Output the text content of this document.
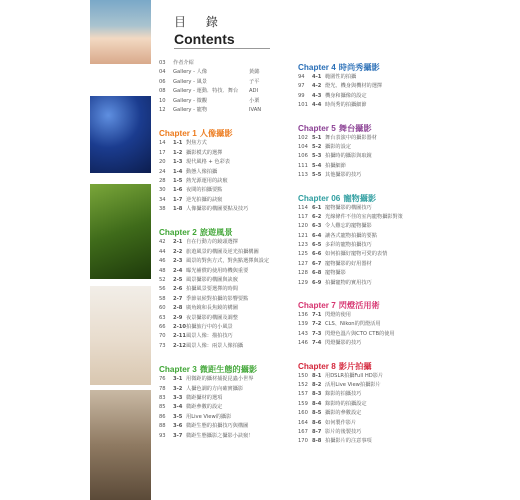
目 錄
Contents
03 作者介紹
04 Gallery - 人像	黃懿
06 Gallery - 風景	子平
08 Gallery - 運動．特技．舞台 ADI
10 Gallery - 微觀	小栗
12 Gallery - 寵物	IVAN
Chapter 1 人像攝影
14 1-1 對焦方式
17 1-2 攝影模式的選擇
20 1-3 現代風格 + 色彩表
24 1-4 動態人像拍攝
28 1-5 熱光源運用的訣竅
30 1-6 夜間的拍攝要點
34 1-7 逆光拍攝的訣竅
38 1-8 人像攝影的構圖要點及技巧
Chapter 2 旅遊風景
42 2-1 自在行動力的鏡頭選擇
44 2-2 旅遊風景的構圖及逆光拍攝構圖
46 2-3 風景的對焦方式，對焦點選擇與設定
48 2-4 曝光補償的使用時機與重要
52 2-5 風景攝影的構圖與訣竅
56 2-6 拍攝風景要選擇的時間
58 2-7 季節氣候對拍攝的影響要點
60 2-8 廣角鏡和長焦鏡的構圖
63 2-9 夜景攝影的構圖及調整
66 2-10拍攝旅行中的小風景
70 2-11風景人像：描拍技巧
73 2-12風景人像：兩景人像拍攝
Chapter 3 微距生態的攝影
76 3-1 用微距的攝材捕捉昆蟲小世界
78 3-2 人攝色調的方向確實攝影
83 3-3 微距攝材的選項
85 3-4 微距參數的設定
86 3-5 用Live View的攝影
88 3-6 微距生態的拍攝技巧與構圖
93 3-7 微距生態攝影之攝影小訣竅！
Chapter 4 時尚秀攝影
94 4-1 範圍性的拍攝
97 4-2 燈光、機身與機材的選擇
99 4-3 機身和攝像的設定
101 4-4 時尚秀的拍攝細節
Chapter 5 舞台攝影
102 5-1 舞台表演中的攝影器材
104 5-2 攝影的設定
106 5-3 拍攝時的攝影與取鏡
111 5-4 拍攝細節
113 5-5 其他攝影的技巧
Chapter 06 寵物攝影
114 6-1 寵物攝影的構圖技巧
117 6-2 光線條件不佳的室內寵物攝影對策
120 6-3 令人難忘的寵物攝影
121 6-4 讓各式寵物拍攝的要點
123 6-5 多彩的寵物拍攝技巧
125 6-6 如何拍攝好寵物可愛的表情
127 6-7 寵物攝影的好用器材
128 6-8 寵物攝影
129 6-9 拍攝寵物的實用技巧
Chapter 7 閃燈活用術
136 7-1 閃燈的使用
139 7-2 CLS、Nikon的閃燈活用
143 7-3 閃燈色溫片與CTO CTB的使用
146 7-4 閃燈攝影的技巧
Chapter 8 影片拍攝
150 8-1 用DSLR拍攝Full HD影片
152 8-2 活用Live View拍攝影片
157 8-3 錄影的拍攝技巧
159 8-4 錄影時的拍攝設定
160 8-5 攝影的參數設定
164 8-6 如何製作影片
167 8-7 影片的後製技巧
170 8-8 拍攝影片的注意事項
